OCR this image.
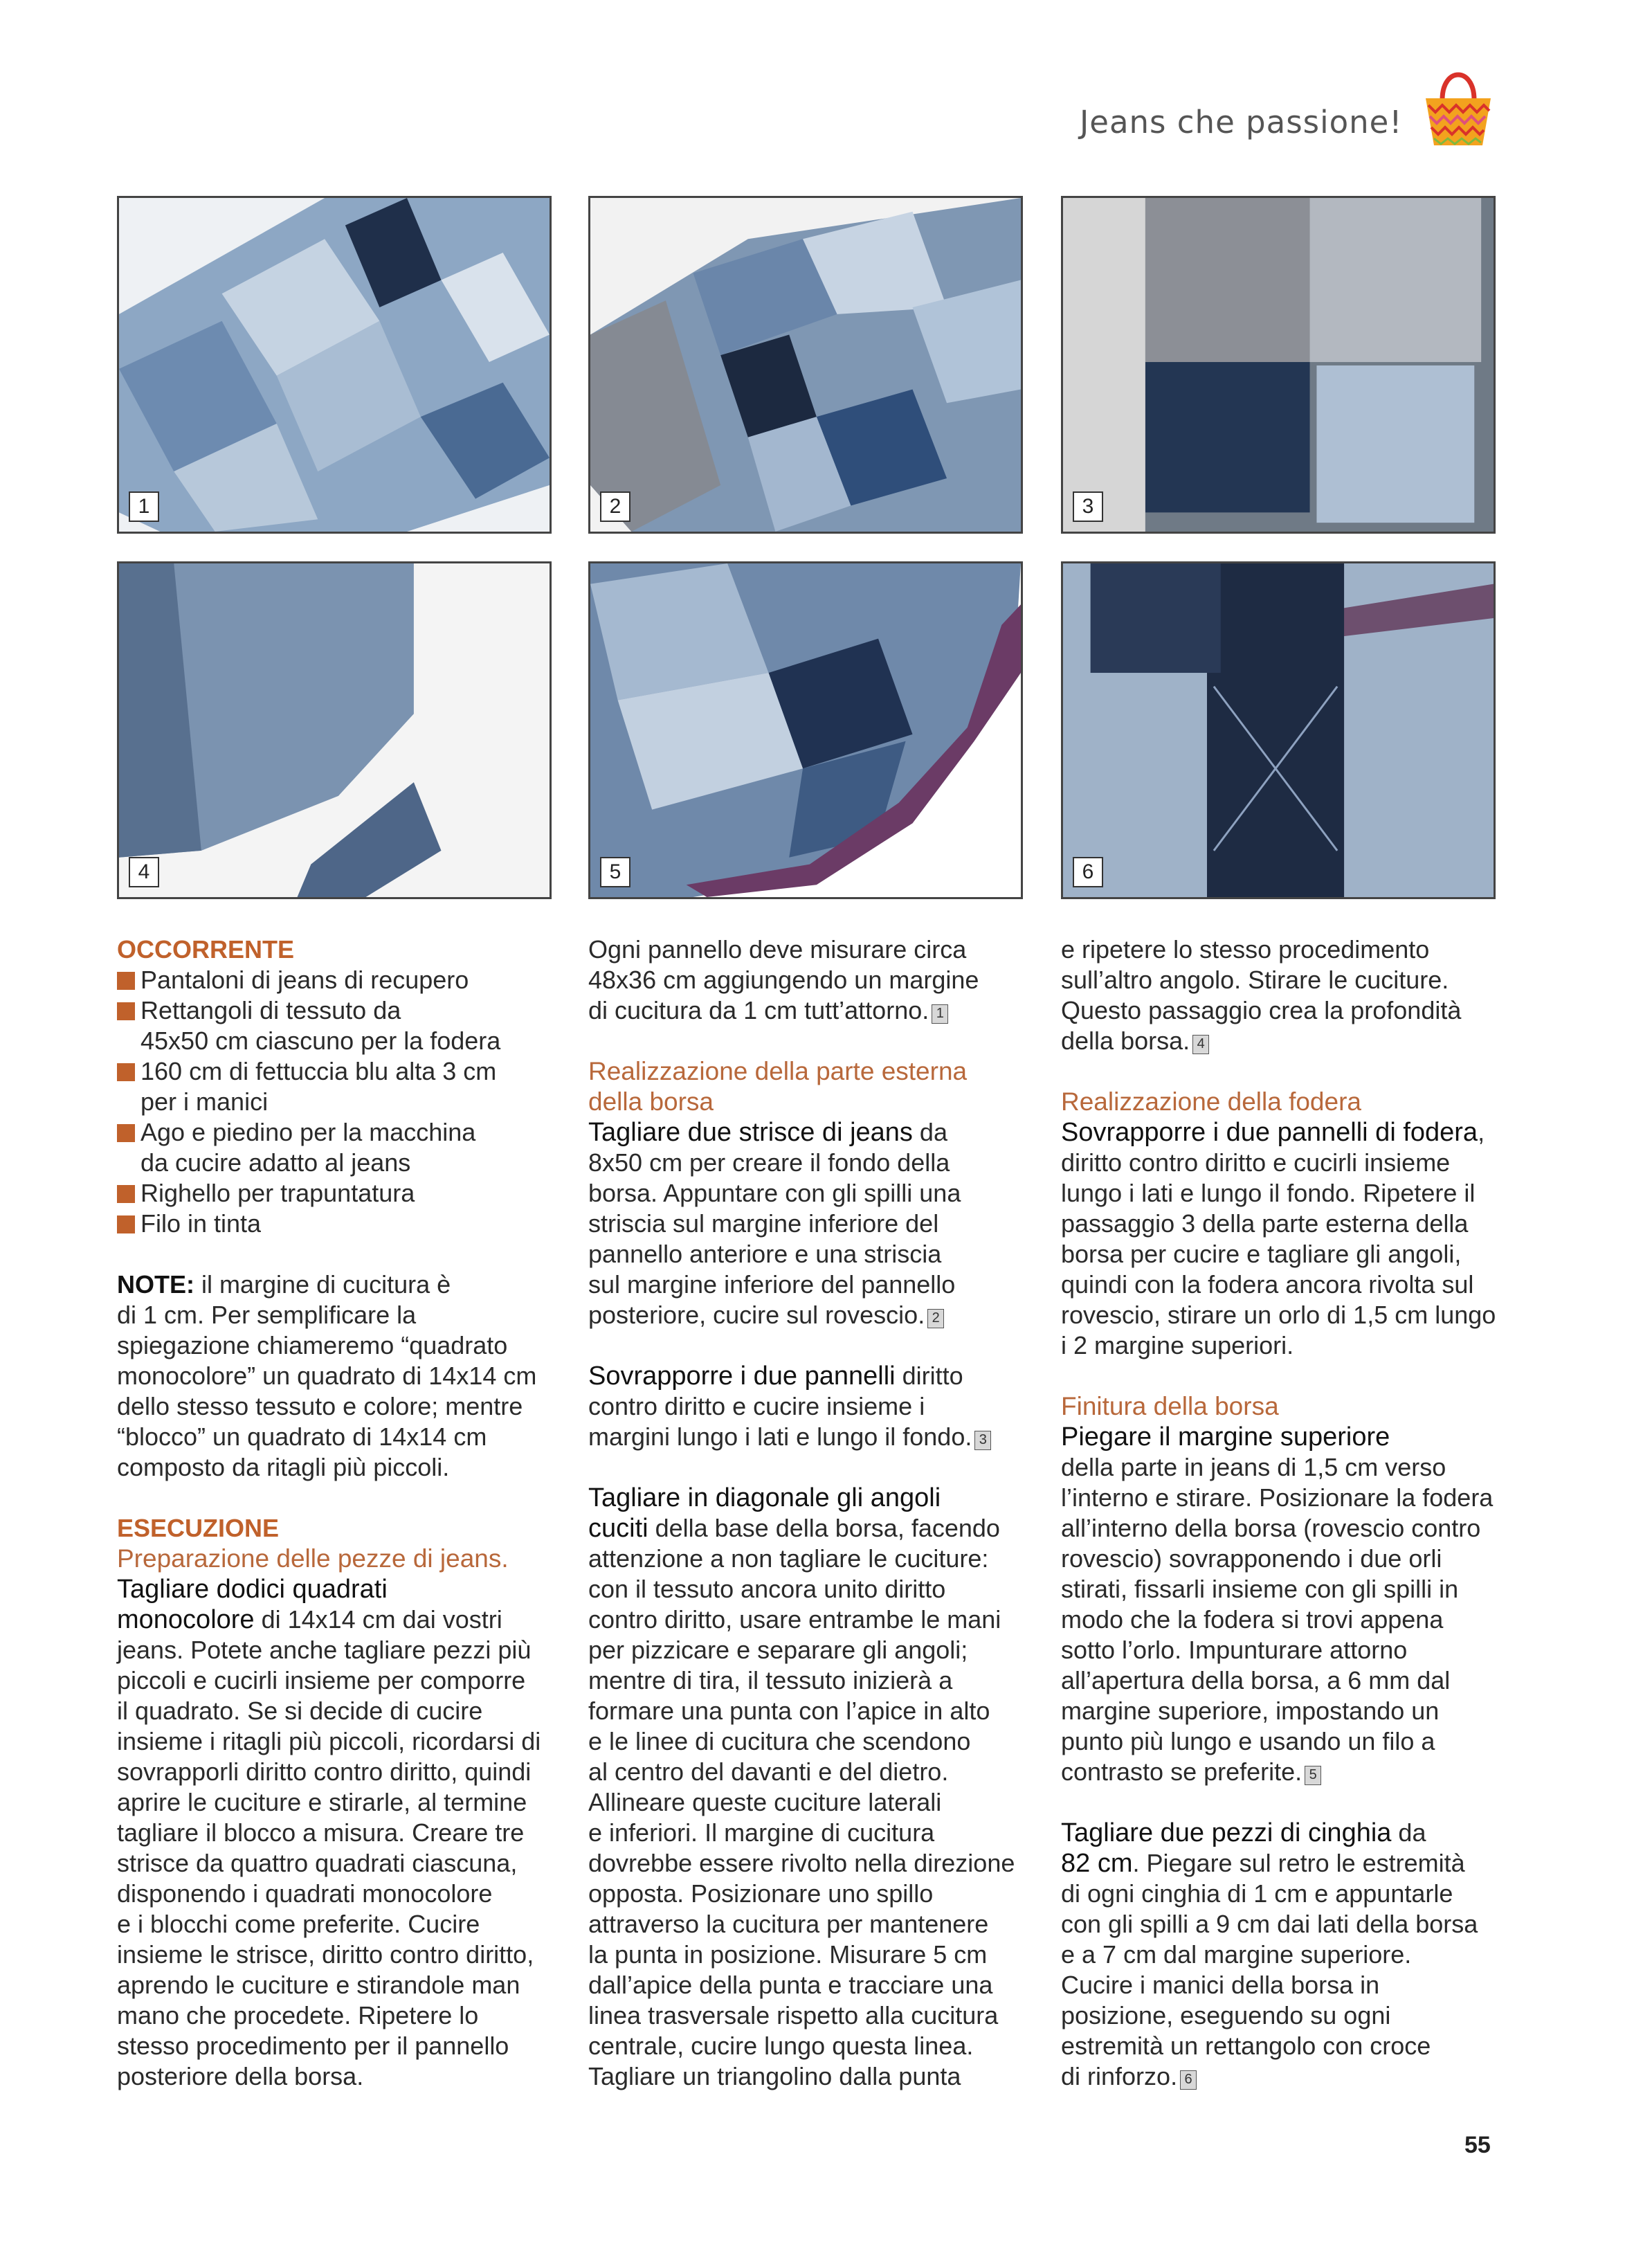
Jeans che passione!
1	2	3
4	5	6

OCCORRENTE

Pantaloni di jeans di recupero
Rettangoli di tessuto da

45x50 cm ciascuno per la fodera

160 cm di fettuccia blu alta 3 cm

per i manici

Ago e piedino per la macchina

da cucire adatto al jeans

Righello per trapuntatura
Filo in tinta

NOTE: il margine di cucitura è

di 1 cm. Per semplificare la

spiegazione chiameremo “quadrato

monocolore” un quadrato di 14x14 cm

dello stesso tessuto e colore; mentre

“blocco” un quadrato di 14x14 cm

composto da ritagli più piccoli.

ESECUZIONE

Preparazione delle pezze di jeans.

Tagliare dodici quadrati

monocolore di 14x14 cm dai vostri

jeans. Potete anche tagliare pezzi più

piccoli e cucirli insieme per comporre

il quadrato. Se si decide di cucire

insieme i ritagli più piccoli, ricordarsi di

sovrapporli diritto contro diritto, quindi

aprire le cuciture e stirarle, al termine

tagliare il blocco a misura. Creare tre

strisce da quattro quadrati ciascuna,

disponendo i quadrati monocolore

e i blocchi come preferite. Cucire

insieme le strisce, diritto contro diritto,

aprendo le cuciture e stirandole man

mano che procedete. Ripetere lo

stesso procedimento per il pannello

posteriore della borsa.

Ogni pannello deve misurare circa

48x36 cm aggiungendo un margine

di cucitura da 1 cm tutt’attorno. 1

Realizzazione della parte esterna

della borsa

Tagliare due strisce di jeans da

8x50 cm per creare il fondo della

borsa. Appuntare con gli spilli una

striscia sul margine inferiore del

pannello anteriore e una striscia

sul margine inferiore del pannello

posteriore, cucire sul rovescio. 2

Sovrapporre i due pannelli diritto

contro diritto e cucire insieme i

margini lungo i lati e lungo il fondo. 3

Tagliare in diagonale gli angoli

cuciti della base della borsa, facendo

attenzione a non tagliare le cuciture:

con il tessuto ancora unito diritto

contro diritto, usare entrambe le mani

per pizzicare e separare gli angoli;

mentre di tira, il tessuto inizierà a

formare una punta con l’apice in alto

e le linee di cucitura che scendono

al centro del davanti e del dietro.

Allineare queste cuciture laterali

e inferiori. Il margine di cucitura

dovrebbe essere rivolto nella direzione

opposta. Posizionare uno spillo

attraverso la cucitura per mantenere

la punta in posizione. Misurare 5 cm

dall’apice della punta e tracciare una

linea trasversale rispetto alla cucitura

centrale, cucire lungo questa linea.

Tagliare un triangolino dalla punta

e ripetere lo stesso procedimento

sull’altro angolo. Stirare le cuciture.

Questo passaggio crea la profondità

della borsa. 4

Realizzazione della fodera

Sovrapporre i due pannelli di fodera,

diritto contro diritto e cucirli insieme

lungo i lati e lungo il fondo. Ripetere il

passaggio 3 della parte esterna della

borsa per cucire e tagliare gli angoli,

quindi con la fodera ancora rivolta sul

rovescio, stirare un orlo di 1,5 cm lungo

i 2 margine superiori.

Finitura della borsa

Piegare il margine superiore

della parte in jeans di 1,5 cm verso

l’interno e stirare. Posizionare la fodera

all’interno della borsa (rovescio contro

rovescio) sovrapponendo i due orli

stirati, fissarli insieme con gli spilli in

modo che la fodera si trovi appena

sotto l’orlo. Impunturare attorno

all’apertura della borsa, a 6 mm dal

margine superiore, impostando un

punto più lungo e usando un filo a

contrasto se preferite. 5

Tagliare due pezzi di cinghia da

82 cm. Piegare sul retro le estremità

di ogni cinghia di 1 cm e appuntarle

con gli spilli a 9 cm dai lati della borsa

e a 7 cm dal margine superiore.

Cucire i manici della borsa in

posizione, eseguendo su ogni

estremità un rettangolo con croce

di rinforzo. 6

55
